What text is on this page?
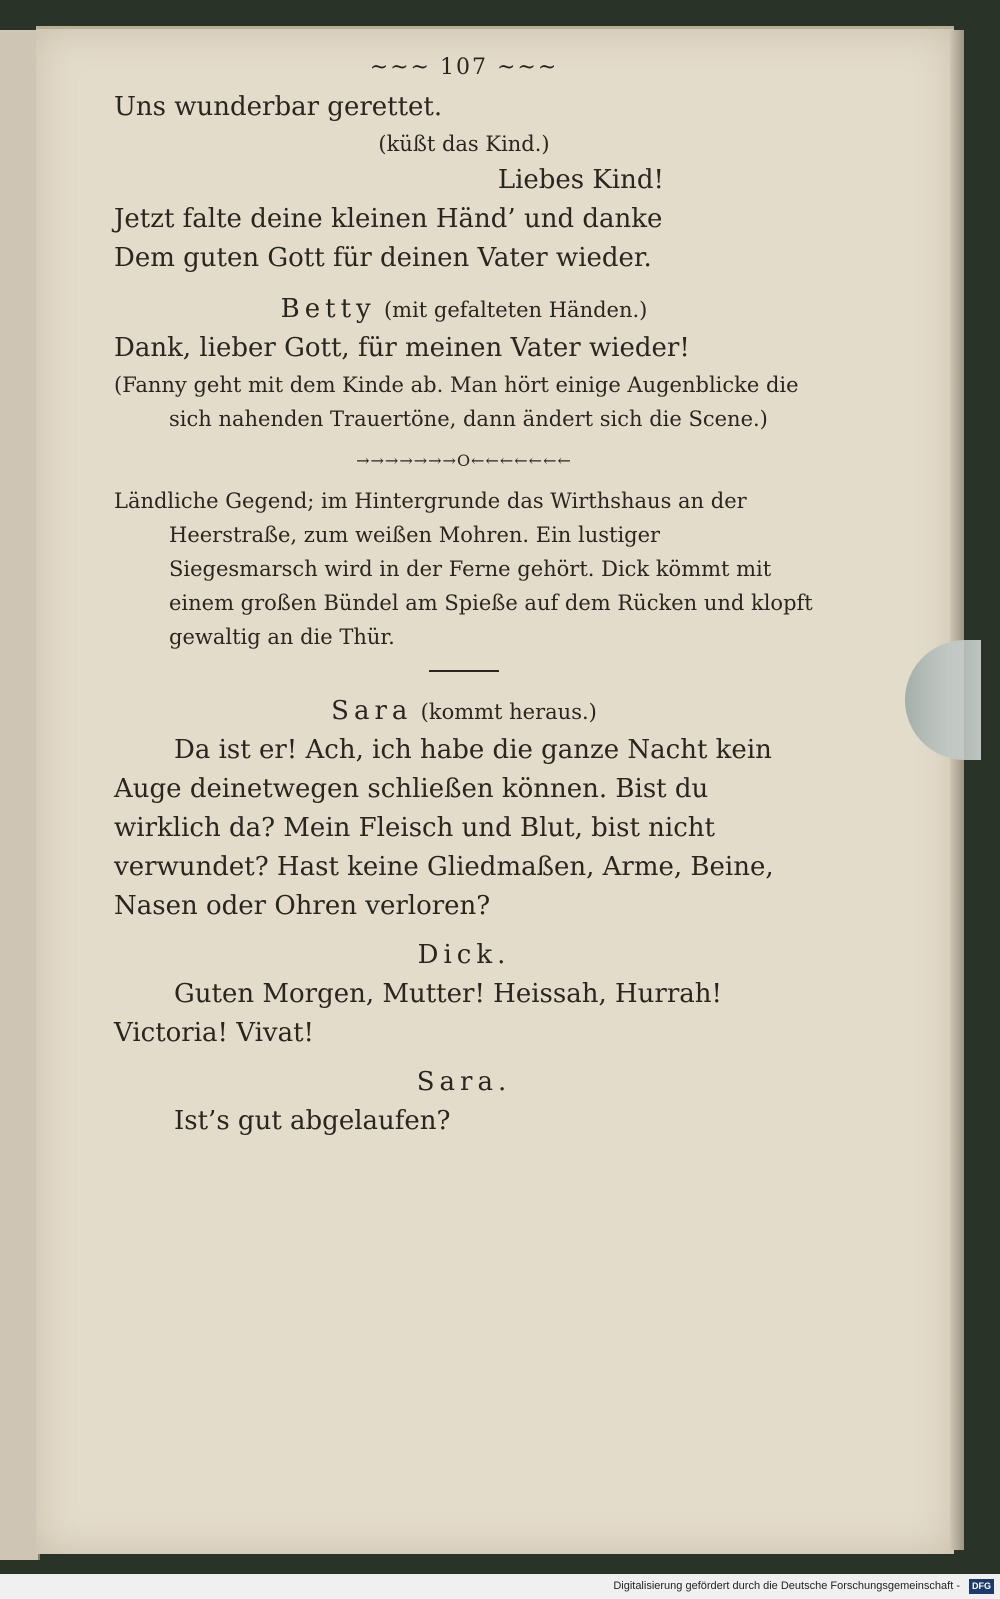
~~~ 107 ~~~
Uns wunderbar gerettet.
(küßt das Kind.)
Liebes Kind!
Jetzt falte deine kleinen Händ’ und danke
Dem guten Gott für deinen Vater wieder.
Betty (mit gefalteten Händen.)
Dank, lieber Gott, für meinen Vater wieder!
(Fanny geht mit dem Kinde ab. Man hört einige Augenblicke die sich nahenden Trauertöne, dann ändert sich die Scene.)
→→→→→→→O←←←←←←←
Ländliche Gegend; im Hintergrunde das Wirthshaus an der Heerstraße, zum weißen Mohren. Ein lustiger Siegesmarsch wird in der Ferne gehört. Dick kömmt mit einem großen Bündel am Spieße auf dem Rücken und klopft gewaltig an die Thür.
Sara (kommt heraus.)
Da ist er! Ach, ich habe die ganze Nacht kein Auge deinetwegen schließen können. Bist du wirklich da? Mein Fleisch und Blut, bist nicht verwundet? Hast keine Gliedmaßen, Arme, Beine, Nasen oder Ohren verloren?
Dick.
Guten Morgen, Mutter! Heissah, Hurrah! Victoria! Vivat!
Sara.
Ist’s gut abgelaufen?
Digitalisierung gefördert durch die Deutsche Forschungsgemeinschaft -	DFG
